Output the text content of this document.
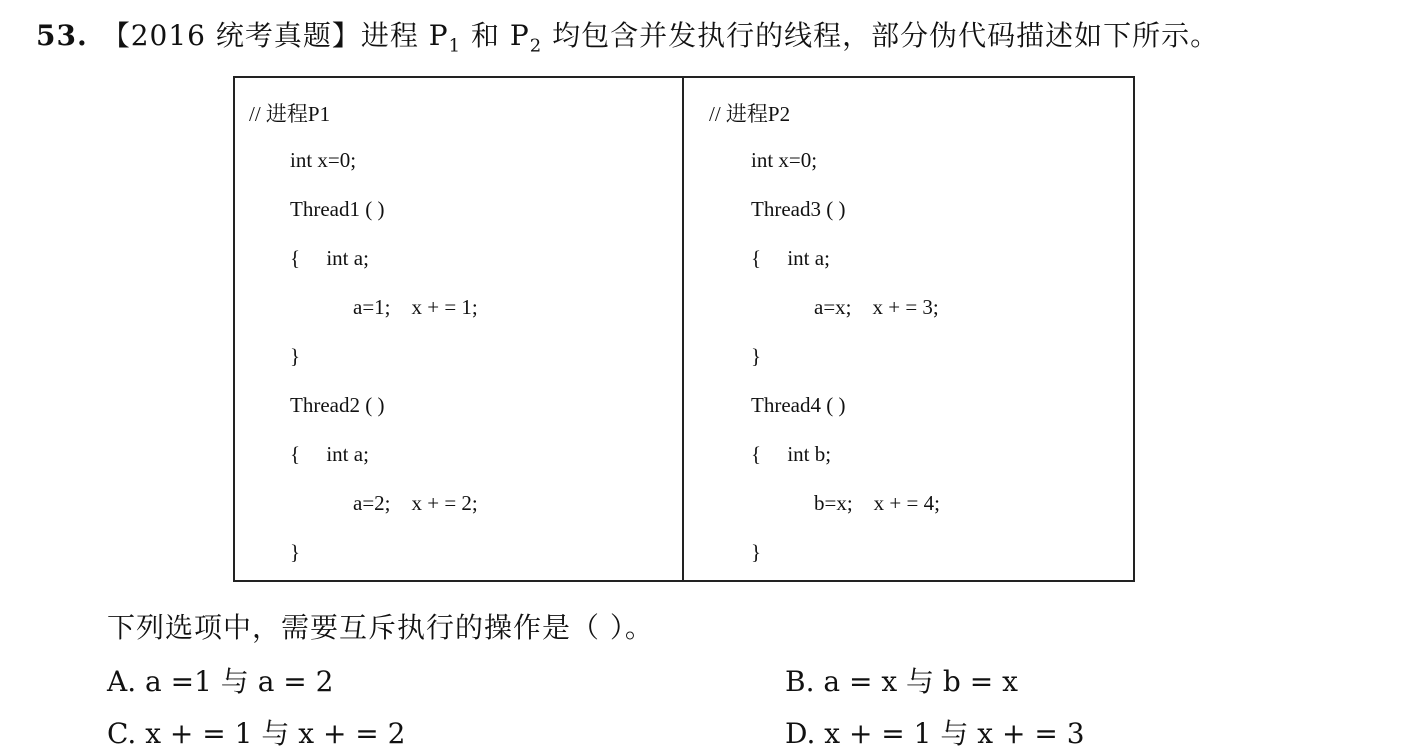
53. 【2016 统考真题】进程 $P_1$ 和 $P_2$ 均包含并发执行的线程，部分伪代码描述如下所示。
// 进程P1
int x=0;
Thread1 ( )
{     int a;
a=1;    x + = 1;
}
Thread2 ( )
{     int a;
a=2;    x + = 2;
}
// 进程P2
int x=0;
Thread3 ( )
{     int a;
a=x;    x + = 3;
}
Thread4 ( )
{     int b;
b=x;    x + = 4;
}
下列选项中，需要互斥执行的操作是（ ）。
A. a =1 与 a = 2	B. a = x 与 b = x
C. x + = 1 与 x + = 2	D. x + = 1 与 x + = 3
